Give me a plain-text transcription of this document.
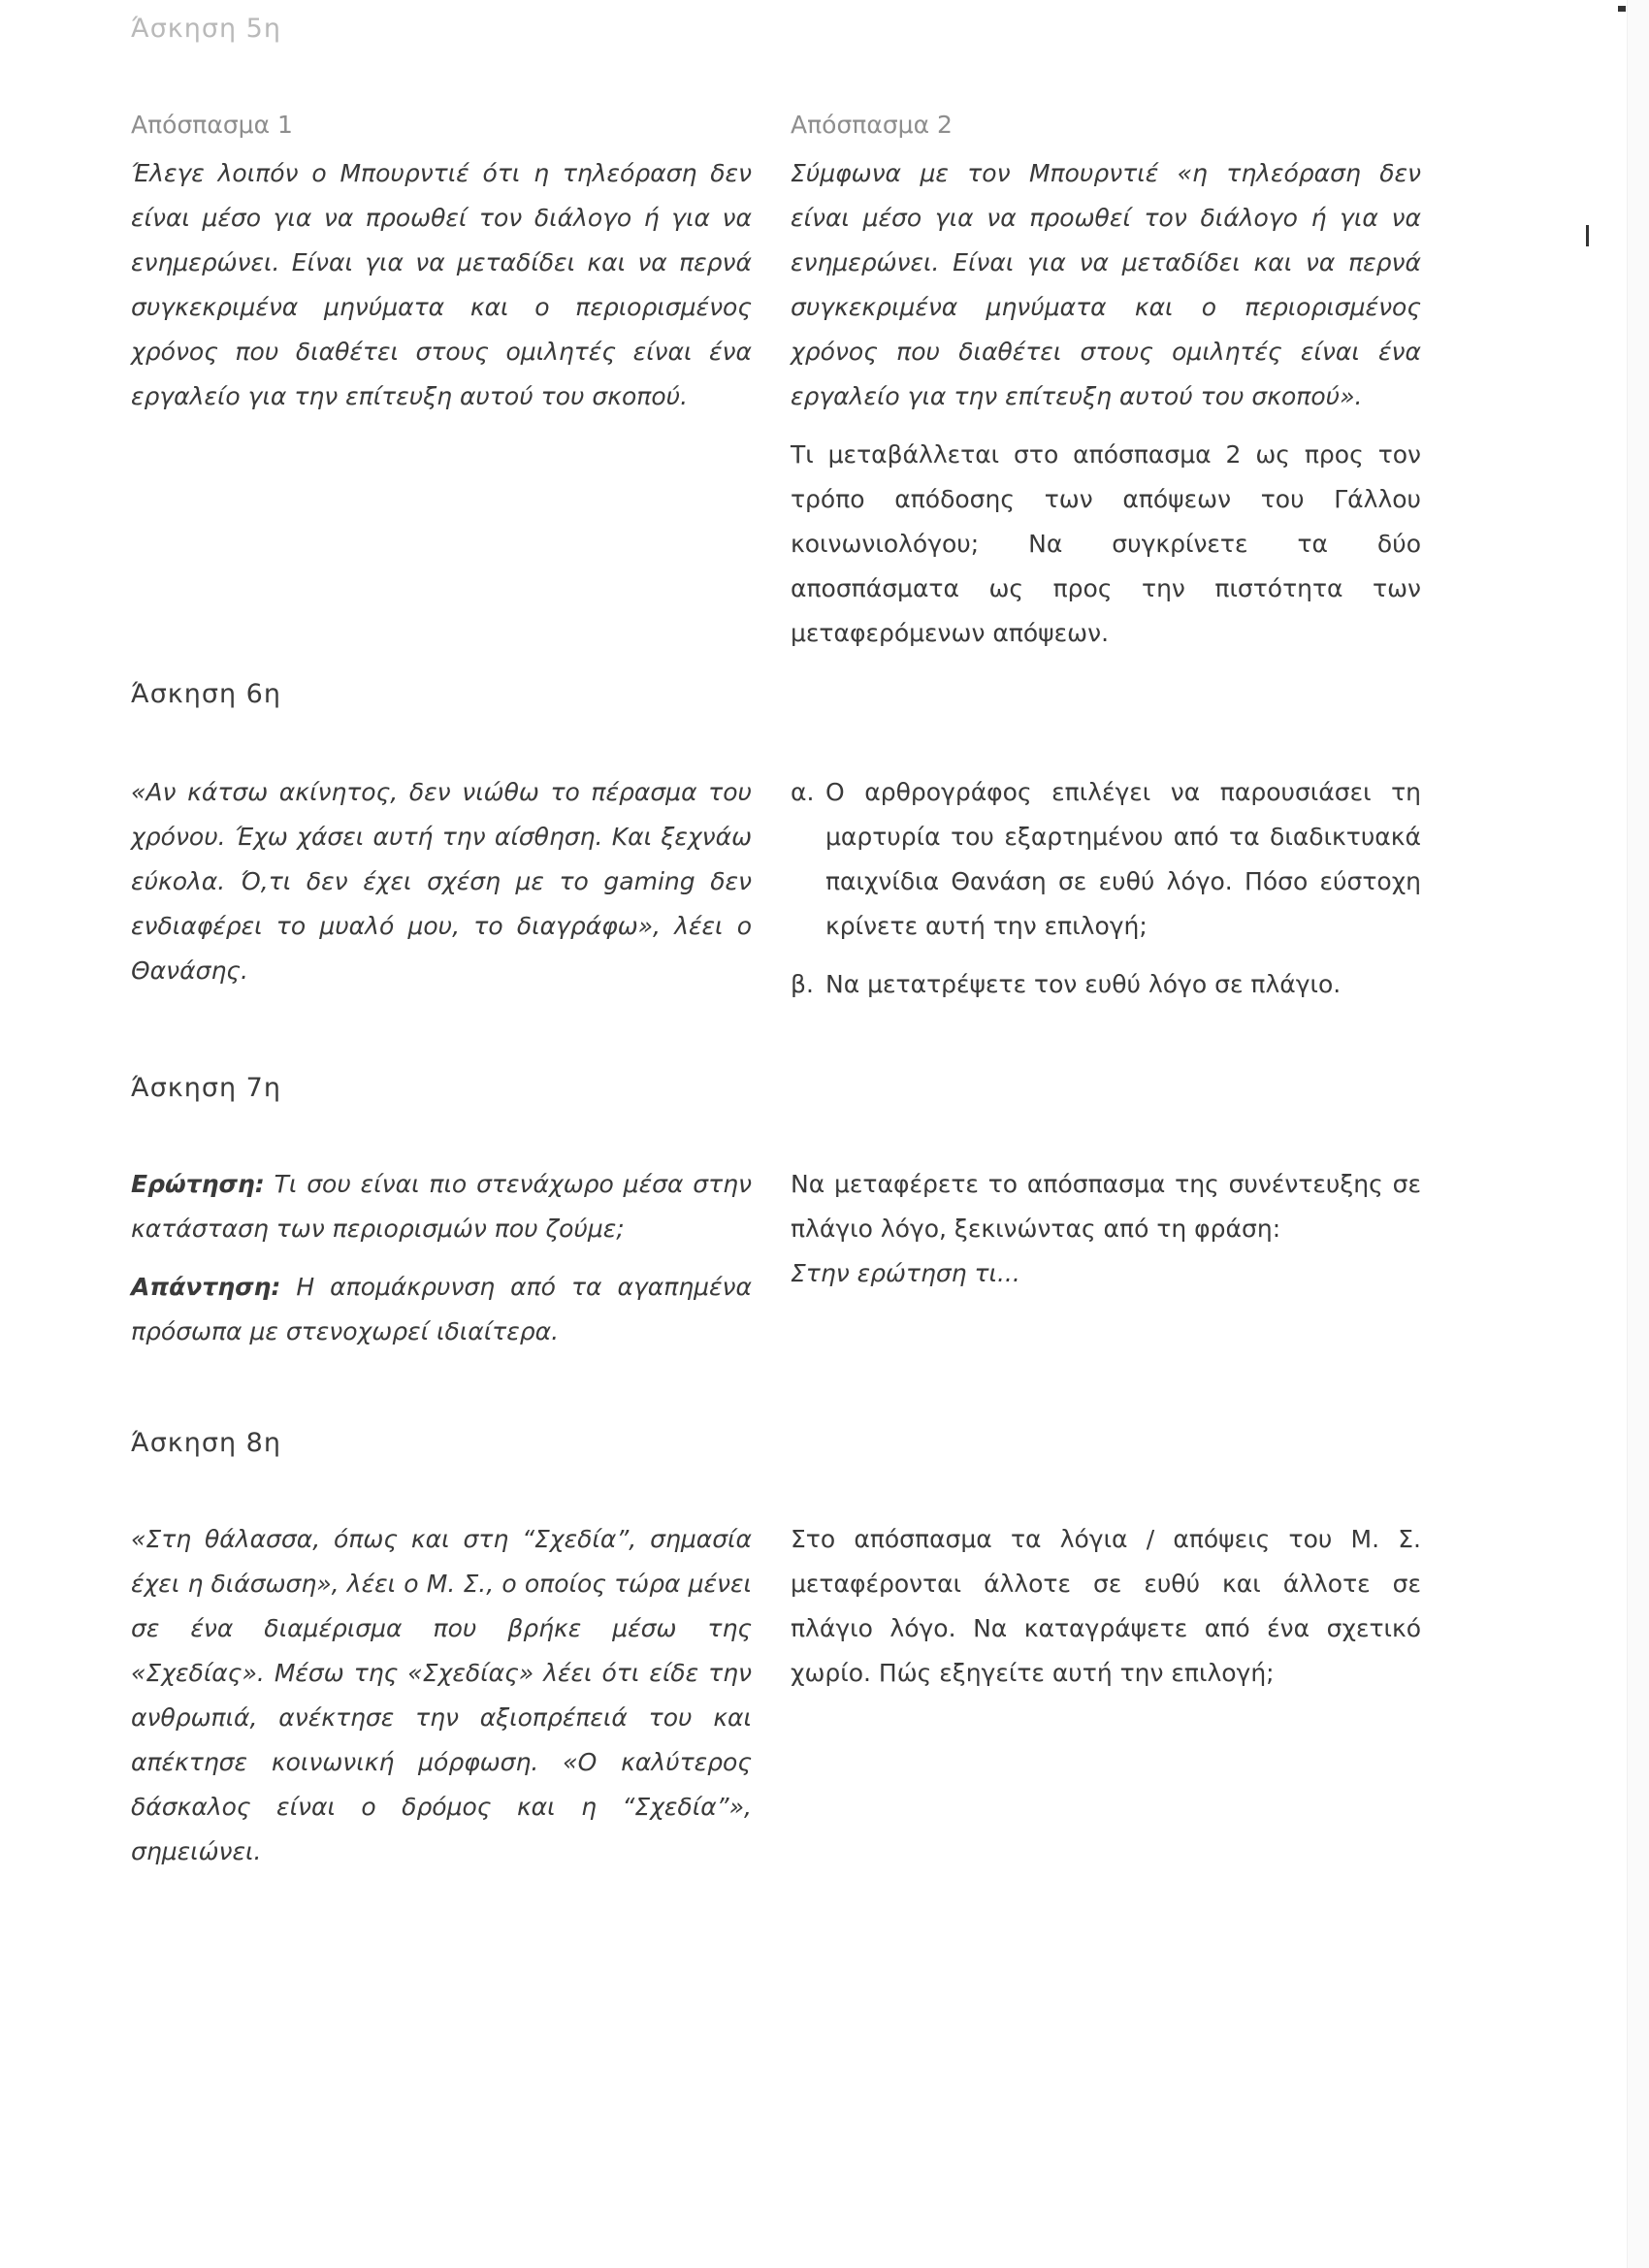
Άσκηση 5η
Απόσπασμα 1

Έλεγε λοιπόν ο Μπουρντιέ ότι η τηλεόραση δεν είναι μέσο για να προωθεί τον διάλογο ή για να ενημερώνει. Είναι για να μεταδίδει και να περνά συγκεκριμένα μηνύματα και ο περιορισμένος χρόνος που διαθέτει στους ομιλητές είναι ένα εργαλείο για την επίτευξη αυτού του σκοπού.

Απόσπασμα 2

Σύμφωνα με τον Μπουρντιέ «η τηλεόραση δεν είναι μέσο για να προωθεί τον διάλογο ή για να ενημερώνει. Είναι για να μεταδίδει και να περνά συγκεκριμένα μηνύματα και ο περιορισμένος χρόνος που διαθέτει στους ομιλητές είναι ένα εργαλείο για την επίτευξη αυτού του σκοπού».

Τι μεταβάλλεται στο απόσπασμα 2 ως προς τον τρόπο απόδοσης των απόψεων του Γάλλου κοινωνιολόγου; Να συγκρίνετε τα δύο αποσπάσματα ως προς την πιστότητα των μεταφερόμενων απόψεων.

Άσκηση 6η

«Αν κάτσω ακίνητος, δεν νιώθω το πέρασμα του χρόνου. Έχω χάσει αυτή την αίσθηση. Και ξεχνάω εύκολα. Ό,τι δεν έχει σχέση με το gaming δεν ενδιαφέρει το μυαλό μου, το διαγράφω», λέει ο Θανάσης.

α. Ο αρθρογράφος επιλέγει να παρουσιάσει τη μαρτυρία του εξαρτημένου από τα διαδικτυακά παιχνίδια Θανάση σε ευθύ λόγο. Πόσο εύστοχη κρίνετε αυτή την επιλογή;
β. Να μετατρέψετε τον ευθύ λόγο σε πλάγιο.
Άσκηση 7η

Ερώτηση: Τι σου είναι πιο στενάχωρο μέσα στην κατάσταση των περιορισμών που ζούμε;

Απάντηση: Η απομάκρυνση από τα αγαπημένα πρόσωπα με στενοχωρεί ιδιαίτερα.

Να μεταφέρετε το απόσπασμα της συνέντευξης σε πλάγιο λόγο, ξεκινώντας από τη φράση:

Στην ερώτηση τι...

Άσκηση 8η

«Στη θάλασσα, όπως και στη “Σχεδία”, σημασία έχει η διάσωση», λέει ο Μ. Σ., ο οποίος τώρα μένει σε ένα διαμέρισμα που βρήκε μέσω της «Σχεδίας». Μέσω της «Σχεδίας» λέει ότι είδε την ανθρωπιά, ανέκτησε την αξιοπρέπειά του και απέκτησε κοινωνική μόρφωση. «Ο καλύτερος δάσκαλος είναι ο δρόμος και η “Σχεδία”», σημειώνει.

Στο απόσπασμα τα λόγια / απόψεις του Μ. Σ. μεταφέρονται άλλοτε σε ευθύ και άλλοτε σε πλάγιο λόγο. Να καταγράψετε από ένα σχετικό χωρίο. Πώς εξηγείτε αυτή την επιλογή;
